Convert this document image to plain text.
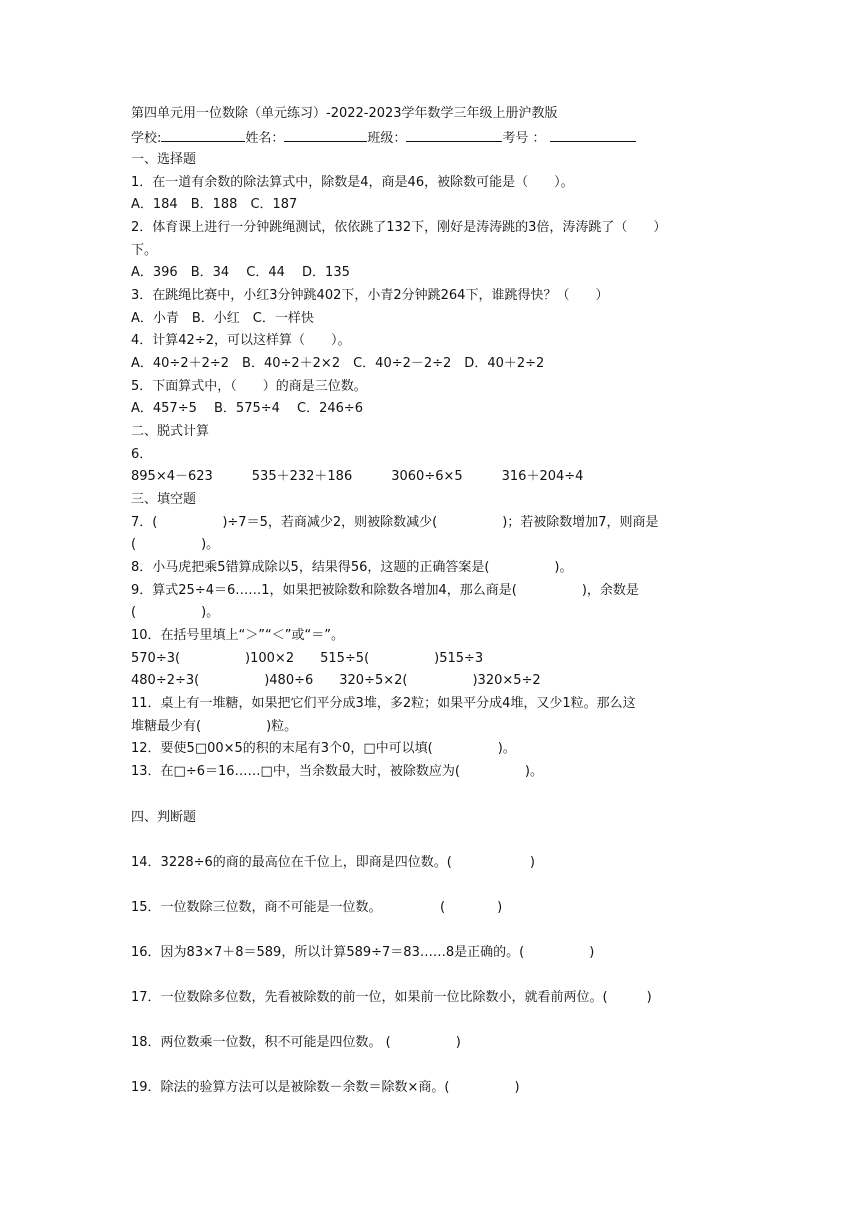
第四单元用一位数除（单元练习）-2022-2023学年数学三年级上册沪教版
学校:	姓名：	班级：	考号 ：
一、选择题
1．在一道有余数的除法算式中，除数是4，商是46，被除数可能是（　　）。
A．184　B．188　C．187
2．体育课上进行一分钟跳绳测试，依依跳了132下，刚好是涛涛跳的3倍，涛涛跳了（　　）
下。
A．396　B．34　 C．44　 D．135
3．在跳绳比赛中，小红3分钟跳402下，小青2分钟跳264下，谁跳得快？（　　）
A．小青　B．小红　C．一样快
4．计算42÷2，可以这样算（　　）。
A．40÷2＋2÷2　B．40÷2＋2×2　C．40÷2－2÷2　D．40＋2÷2
5．下面算式中，（　　）的商是三位数。
A．457÷5　 B．575÷4　 C．246÷6
二、脱式计算
6．
895×4－623　　　535＋232＋186　　　3060÷6×5　　　316＋204÷4
三、填空题
7．(　　　　　)÷7＝5，若商减少2，则被除数减少(　　　　　)；若被除数增加7，则商是
(　　　　　)。
8．小马虎把乘5错算成除以5，结果得56，这题的正确答案是(　　　　　)。
9．算式25÷4＝6……1，如果把被除数和除数各增加4，那么商是(　　　　　)，余数是
(　　　　　)。
10．在括号里填上“＞”“＜”或“＝”。
570÷3(　　　　　)100×2　　515÷5(　　　　　)515÷3
480÷2÷3(　　　　　)480÷6　　320÷5×2(　　　　　)320×5÷2
11．桌上有一堆糖，如果把它们平分成3堆，多2粒；如果平分成4堆，又少1粒。那么这
堆糖最少有(　　　　　)粒。
12．要使5□00×5的积的末尾有3个0，□中可以填(　　　　　)。
13．在□÷6＝16……□中，当余数最大时，被除数应为(　　　　　)。
四、判断题
14．3228÷6的商的最高位在千位上，即商是四位数。(　　　　　　)
15．一位数除三位数，商不可能是一位数。　　　　　(　　　　)
16．因为83×7＋8＝589，所以计算589÷7＝83……8是正确的。(　　　　　)
17．一位数除多位数，先看被除数的前一位，如果前一位比除数小，就看前两位。(　　　)
18．两位数乘一位数，积不可能是四位数。 (　　　　　)
19．除法的验算方法可以是被除数－余数＝除数×商。(　　　　　)
